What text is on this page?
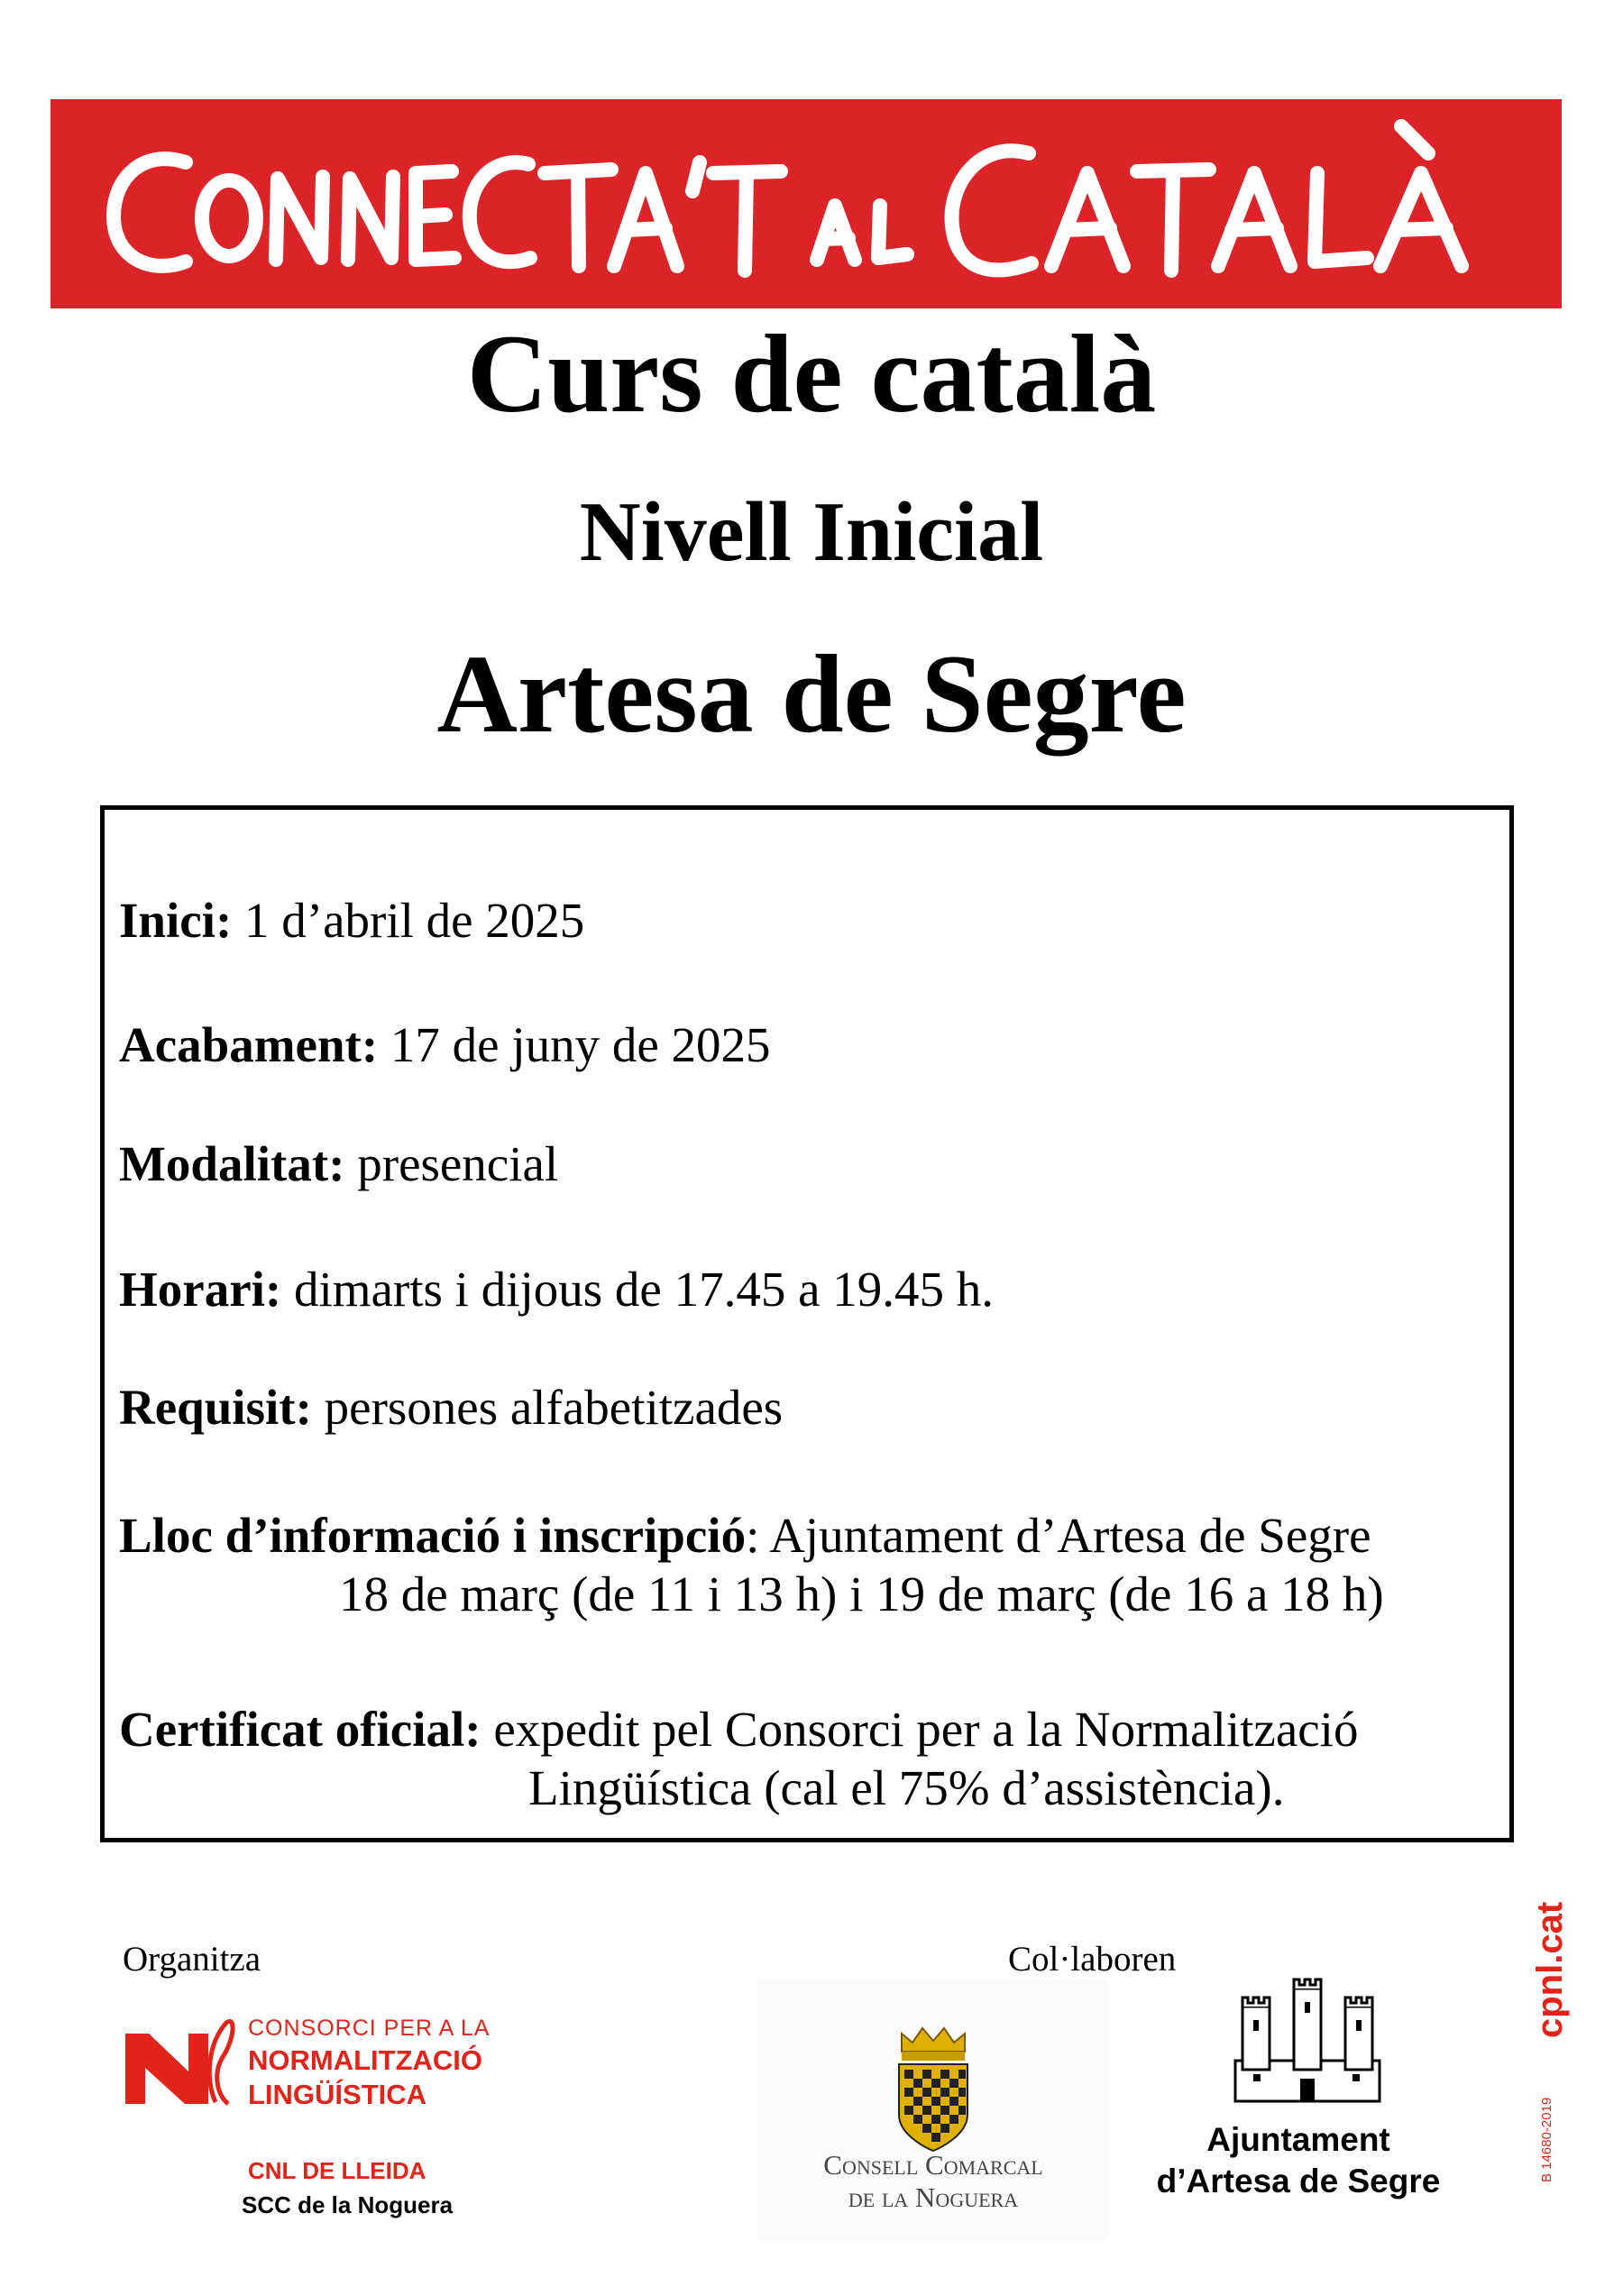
Curs de català
Nivell Inicial
Artesa de Segre
Inici: 1 d’abril de 2025
Acabament: 17 de juny de 2025
Modalitat: presencial
Horari: dimarts i dijous de 17.45 a 19.45 h.
Requisit: persones alfabetitzades
Lloc d’informació i inscripció: Ajuntament d’Artesa de Segre
18 de març (de 11 i 13 h) i 19 de març (de 16 a 18 h)
Certificat oficial: expedit pel Consorci per a la Normalització
Lingüística (cal el 75% d’assistència).
Organitza	Col·laboren
CONSORCI PER A LA
NORMALITZACIÓ
LINGÜÍSTICA
CNL DE LLEIDA
SCC de la Noguera
Consell Comarcal
de la Noguera
Ajuntament
d’Artesa de Segre
cpnl.cat
B 14680-2019
